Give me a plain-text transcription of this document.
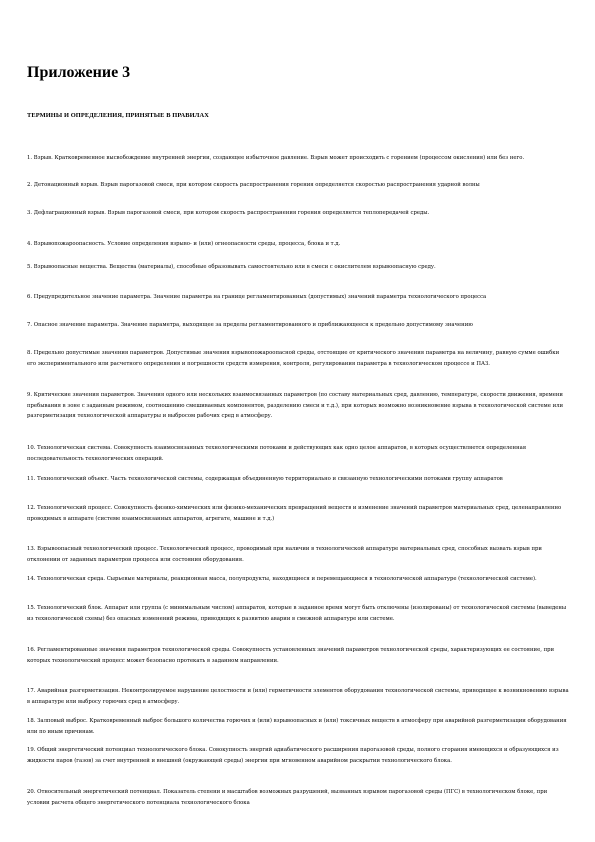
Приложение 3
ТЕРМИНЫ И ОПРЕДЕЛЕНИЯ, ПРИНЯТЫЕ В ПРАВИЛАХ

1. Взрыв. Кратковременное высвобождение внутренней энергии, создающее избыточное давление. Взрыв может происходить с горением (процессом окисления) или без него.

2. Детонационный взрыв. Взрыв парогазовой смеси, при котором скорость распространения горения определяется скоростью распространения ударной волны

3. Дефлаграционный взрыв. Взрыв парогазовой смеси, при котором скорость распространения горения определяется теплопередачей среды.

4. Взрывопожароопасность. Условие определения взрыво- и (или) огнеопасности среды, процесса, блока и т.д.

5. Взрывоопасные вещества. Вещества (материалы), способные образовывать самостоятельно или в смеси с окислителем взрывоопасную среду.

6. Предупредительное значение параметра. Значение параметра на границе регламентированных (допустимых) значений параметра технологического процесса

7. Опасное значение параметра. Значение параметра, выходящее за пределы регламентированного и приближающееся к предельно допустимому значению

8. Предельно допустимые значения параметров. Допустимые значения взрывопожароопасной среды, отстоящие от критического значения параметра на величину, равную сумме ошибки его экспериментального или расчетного определения и погрешности средств измерения, контроля, регулирования параметра в технологическом процессе и ПАЗ.

9. Критические значения параметров. Значения одного или нескольких взаимосвязанных параметров (по составу материальных сред, давлению, температуре, скорости движения, времени пребывания в зоне с заданным режимом, соотношению смешиваемых компонентов, разделению смеси и т.д.), при которых возможно возникновение взрыва в технологической системе или разгерметизация технологической аппаратуры и выбросом рабочих сред в атмосферу.

10. Технологическая система. Совокупность взаимосвязанных технологическими потоками и действующих как одно целое аппаратов, в которых осуществляется определенная последовательность технологических операций.

11. Технологический объект. Часть технологической системы, содержащая объединенную территориально и связанную технологическими потоками группу аппаратов

12. Технологический процесс. Совокупность физико-химических или физико-механических превращений веществ и изменение значений параметров материальных сред, целенаправленно проводимых в аппарате (системе взаимосвязанных аппаратов, агрегате, машине и т.д.)

13. Взрывоопасный технологический процесс. Технологический процесс, проводимый при наличии в технологической аппаратуре материальных сред, способных вызвать взрыв при отклонении от заданных параметров процесса или состояния оборудования.

14. Технологическая среда. Сырьевые материалы, реакционная масса, полупродукты, находящиеся и перемещающиеся в технологической аппаратуре (технологической системе).

15. Технологический блок. Аппарат или группа (с минимальным числом) аппаратов, которые в заданное время могут быть отключены (изолированы) от технологической системы (выведены из технологической схемы) без опасных изменений режима, приводящих к развитию аварии в смежной аппаратуре или системе.

16. Регламентированные значения параметров технологической среды. Совокупность установленных значений параметров технологической среды, характеризующих ее состояние, при которых технологический процесс может безопасно протекать в заданном направлении.

17. Аварийная разгерметизация. Неконтролируемое нарушение целостности и (или) герметичности элементов оборудования технологической системы, приводящее к возникновению взрыва в аппаратуре или выбросу горючих сред в атмосферу.

18. Залповый выброс. Кратковременный выброс большого количества горючих и (или) взрывоопасных и (или) токсичных веществ в атмосферу при аварийной разгерметизации оборудования или по иным причинам.

19. Общий энергетический потенциал технологического блока. Совокупность энергий адиабатического расширения парогазовой среды, полного сгорания имеющихся и образующихся из жидкости паров (газов) за счет внутренней и внешней (окружающей среды) энергии при мгновенном аварийном раскрытии технологического блока.

20. Относительный энергетический потенциал. Показатель степени и масштабов возможных разрушений, вызванных взрывом парогазовой среды (ПГС) в технологическом блоке, при условии расчета общего энергетического потенциала технологического блока
